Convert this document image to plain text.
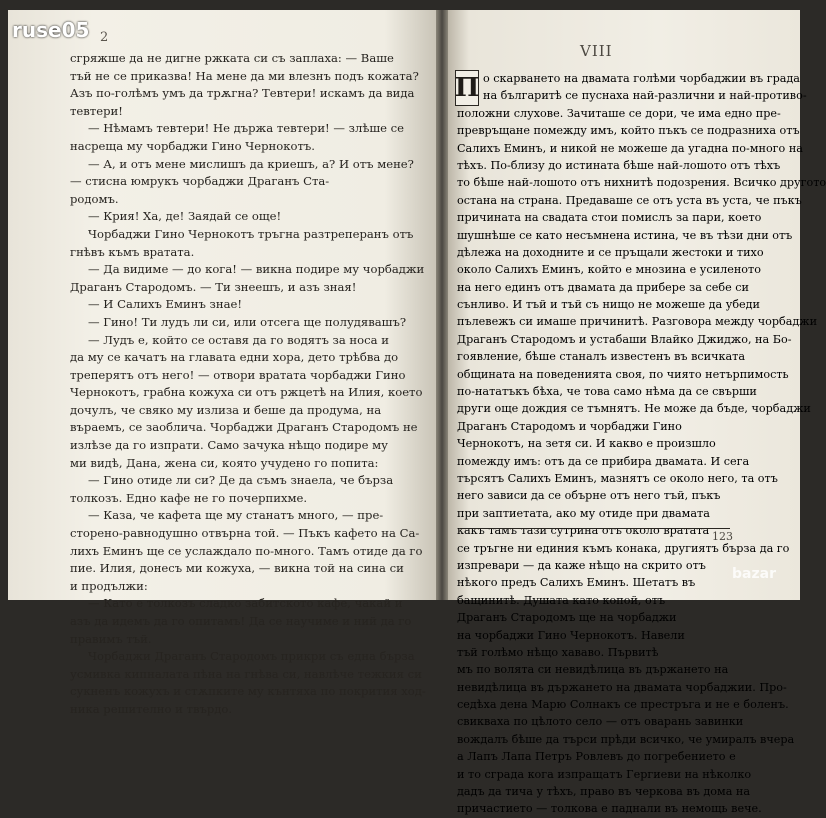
2
сгряжше да не дигне ржката си съ заплаха: — Ваше
тъй не се приказва! На мене да ми влезнъ подъ кожата?
Азъ по-голѣмъ умъ да трѫгна? Тевтери! искамъ да вида
тевтери!
— Нѣмамъ тевтери! Не държа тевтери! — злѣше се
насреща му чорбаджи Гино Чернокотъ.
— А, и отъ мене мислишъ да криешъ, а? И отъ мене?
— стисна юмрукъ чорбаджи Драганъ Ста-
родомъ.
— Крия! Ха, де! Заядай се още!
Чорбаджи Гино Чернокотъ тръгна разтреперанъ отъ
гнѣвъ къмъ вратата.
— Да видиме — до кога! — викна подире му чорбаджи
Драганъ Стародомъ. — Ти знеешъ, и азъ зная!
— И Салихъ Еминъ знае!
— Гино! Ти лудъ ли си, или отсега ще полудявашъ?
— Лудъ е, който се оставя да го водятъ за носа и
да му се качатъ на главата едни хора, дето трѣбва до
треперятъ отъ него! — отвори вратата чорбаджи Гино
Чернокотъ, грабна кожуха си отъ ржцетѣ на Илия, което
дочулъ, че свяко му излиза и беше да продума, на
въраемъ, се заоблича. Чорбаджи Драганъ Стародомъ не
излѣзе да го изпрати. Само зачука нѣщо подире му
ми видѣ, Дана, жена си, която учудено го попита:
— Гино отиде ли си? Де да съмъ знаела, че бърза
толкозъ. Едно кафе не го почерпихме.
— Каза, че кафета ще му станатъ много, — пре-
сторено-равнодушно отвърна той. — Пъкъ кафето на Са-
лихъ Еминъ ще се услаждало по-много. Тамъ отиде да го
пие. Илия, донесъ ми кожуха, — викна той на сина си
и продължи:
— Като е толкозъ сладко забитското кафе, чакай и
азъ да идемъ да го опитамъ! Да се научиме и ний да го
правимъ тъй.
Чорбаджи Драганъ Стародомъ прикри съ една бърза
усмивка кипналата пѣна на гнѣва си, навлѣче тежкия си
сукненъ кожухъ и стѫпките му кънтяха по покрития ход-
ника решително и твърдо.
VIII
П о скарването на двамата голѣми чорбаджии въ града
на българитѣ се пуснаха най-различни и най-противо-
положни слухове. Зачиташе се дори, че има едно пре-
превръщане помежду имъ, който пъкъ се подразниха отъ
Салихъ Еминъ, и никой не можеше да угадна по-много на
тѣхъ. По-близу до истината бѣше най-лошото отъ тѣхъ
то бѣше най-лошото отъ нихнитѣ подозрения. Всичко другото
остана на страна. Предаваше се отъ уста въ уста, че пъкъ
причината на свадата стои помислъ за пари, което
шушнѣше се като несъмнена истина, че въ тѣзи дни отъ
дѣлежа на доходните и се пръщали жестоки и тихо
около Салихъ Еминъ, който е мнозина е усиленото
на него единъ отъ двамата да прибере за себе си
сънливо. И тъй и тъй съ нищо не можеше да убеди
пълевежъ си имаше причинитѣ. Разговора между чорбаджи
Драганъ Стародомъ и устабаши Влайко Джиджо, на Бо-
гоявление, бѣше станалъ известенъ въ всичката
общината на поведенията своя, по чиято нетърпимость
по-нататъкъ бѣха, че това само нѣма да се свърши
други още дождия се тъмнятъ. Не може да бъде, чорбаджи
Драганъ Стародомъ и чорбаджи Гино
Чернокотъ, на зетя си. И какво е произшло
помежду имъ: отъ да се прибира двамата. И сега
търсятъ Салихъ Еминъ, мазнятъ се около него, та отъ
него зависи да се обърне отъ него тъй, пъкъ
при заптиетата, ако му отиде при двамата
какъ тамъ тази сутрина отъ около вратата
се тръгне ни единия къмъ конака, другиятъ бърза да го
изпревари — да каже нѣщо на скрито отъ
нѣкого предъ Салихъ Еминъ. Шетатъ въ
бащинитѣ. Душата като копой, отъ
Драганъ Стародомъ ще на чорбаджи
на чорбаджи Гино Чернокотъ. Навели
тъй голѣмо нѣщо хававо. Първитѣ
мъ по волята си невидѣлица въ държането на
невидѣлица въ държането на двамата чорбаджии. Про-
седѣха дена Марю Солнакъ се престръга и не е боленъ.
свикваха по цѣлото село — отъ оварань завинки
вождалъ бѣше да търси прѣди всичко, че умиралъ вчера
а Лапъ Лапа Петръ Ровлевъ до погребението е
и то сграда кога изпращатъ Гергиеви на нѣколко
дадъ да тича у тѣхъ, право въ черкова въ дома на
причастието — толкова е паднали въ немощь вече.
123
ruse05
bazar
